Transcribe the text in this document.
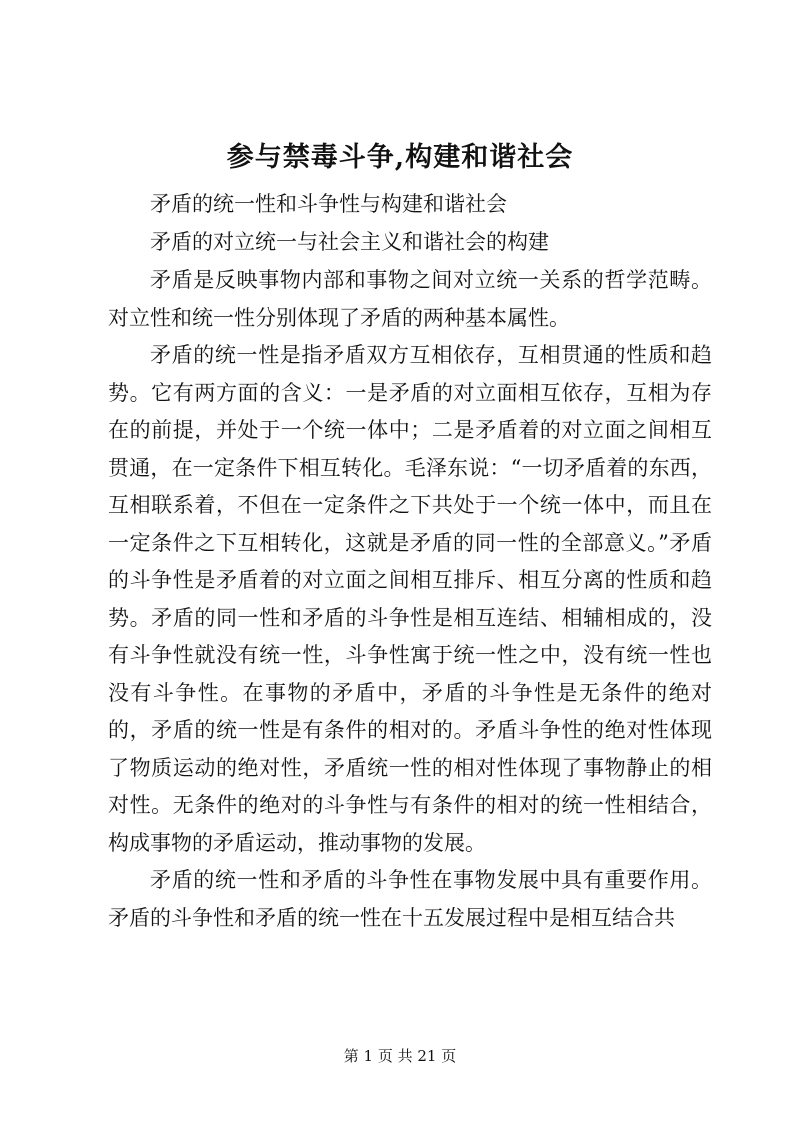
参与禁毒斗争,构建和谐社会

矛盾的统一性和斗争性与构建和谐社会

矛盾的对立统一与社会主义和谐社会的构建

矛盾是反映事物内部和事物之间对立统一关系的哲学范畴。对立性和统一性分别体现了矛盾的两种基本属性。

矛盾的统一性是指矛盾双方互相依存，互相贯通的性质和趋势。它有两方面的含义：一是矛盾的对立面相互依存，互相为存在的前提，并处于一个统一体中；二是矛盾着的对立面之间相互贯通，在一定条件下相互转化。毛泽东说：“一切矛盾着的东西，互相联系着，不但在一定条件之下共处于一个统一体中，而且在一定条件之下互相转化，这就是矛盾的同一性的全部意义。”矛盾的斗争性是矛盾着的对立面之间相互排斥、相互分离的性质和趋势。矛盾的同一性和矛盾的斗争性是相互连结、相辅相成的，没有斗争性就没有统一性，斗争性寓于统一性之中，没有统一性也没有斗争性。在事物的矛盾中，矛盾的斗争性是无条件的绝对的，矛盾的统一性是有条件的相对的。矛盾斗争性的绝对性体现了物质运动的绝对性，矛盾统一性的相对性体现了事物静止的相对性。无条件的绝对的斗争性与有条件的相对的统一性相结合，构成事物的矛盾运动，推动事物的发展。

矛盾的统一性和矛盾的斗争性在事物发展中具有重要作用。矛盾的斗争性和矛盾的统一性在十五发展过程中是相互结合共

第 1 页 共 21 页
